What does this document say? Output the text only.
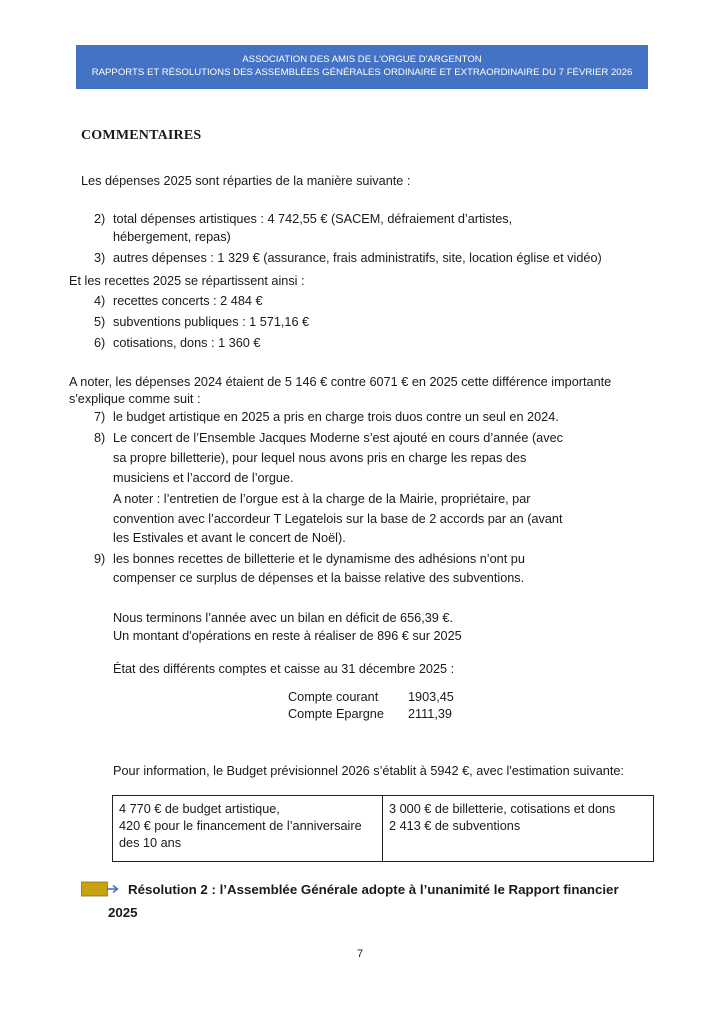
ASSOCIATION DES AMIS DE L'ORGUE D'ARGENTON
RAPPORTS ET RÉSOLUTIONS DES ASSEMBLÉES GÉNÉRALES ORDINAIRE ET EXTRAORDINAIRE DU 7 FÉVRIER 2026
COMMENTAIRES
Les dépenses 2025 sont réparties de la manière suivante :
2) total dépenses artistiques : 4 742,55 € (SACEM, défraiement d’artistes,
hébergement, repas)
3) autres dépenses : 1 329 € (assurance, frais administratifs, site, location église et vidéo)
Et les recettes 2025 se répartissent ainsi :
4) recettes concerts : 2 484 €
5) subventions publiques : 1 571,16 €
6) cotisations, dons : 1 360 €
A noter, les dépenses 2024 étaient de 5 146 € contre 6071 € en 2025 cette différence importante
s'explique comme suit :
7) le budget artistique en 2025 a pris en charge trois duos contre un seul en 2024.
8) Le concert de l’Ensemble Jacques Moderne s’est ajouté en cours d’année (avec
sa propre billetterie), pour lequel nous avons pris en charge les repas des
musiciens et l’accord de l’orgue.
A noter : l’entretien de l’orgue est à la charge de la Mairie, propriétaire, par
convention avec l’accordeur T Legatelois sur la base de 2 accords par an (avant
les Estivales et avant le concert de Noël).
9) les bonnes recettes de billetterie et le dynamisme des adhésions n’ont pu
compenser ce surplus de dépenses et la baisse relative des subventions.
Nous terminons l’année avec un bilan en déficit de 656,39 €.
Un montant d'opérations en reste à réaliser de 896 € sur 2025
État des différents comptes et caisse au 31 décembre 2025 :
Compte courant	1903,45
Compte Epargne	2111,39
Pour information, le Budget prévisionnel 2026 s’établit à 5942 €, avec l'estimation suivante:
4 770 € de budget artistique,
420 € pour le financement de l’anniversaire
des 10 ans
3 000 € de billetterie, cotisations et dons
2 413 € de subventions
Résolution 2 : l’Assemblée Générale adopte à l’unanimité le Rapport financier
2025
7
